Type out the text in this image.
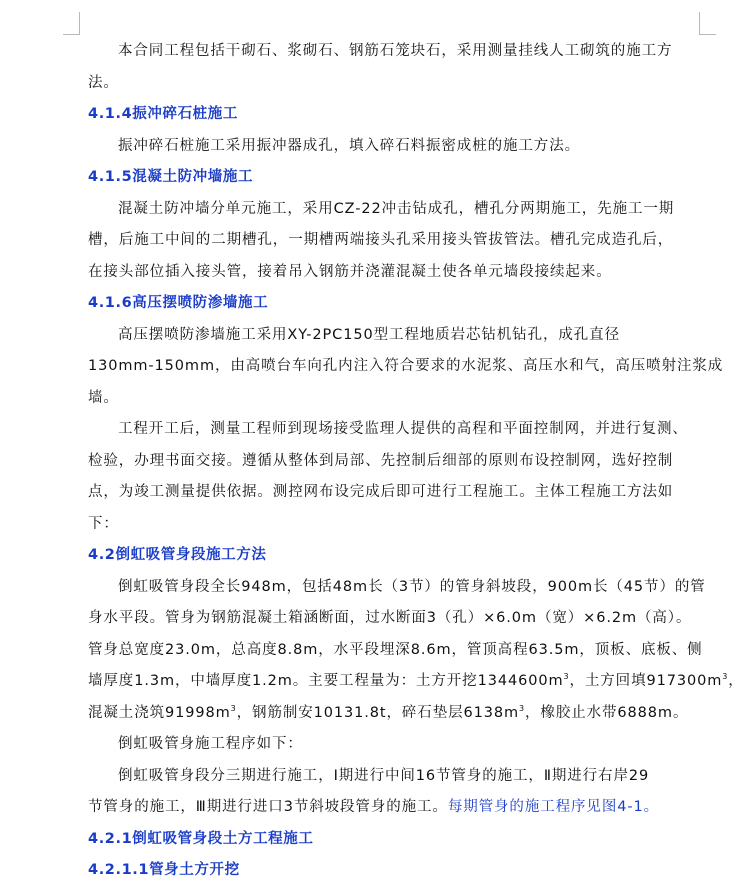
本合同工程包括干砌石、浆砌石、钢筋石笼块石，采用测量挂线人工砌筑的施工方

法。

4.1.4振冲碎石桩施工

振冲碎石桩施工采用振冲器成孔，填入碎石料振密成桩的施工方法。

4.1.5混凝土防冲墙施工

混凝土防冲墙分单元施工，采用CZ-22冲击钻成孔，槽孔分两期施工，先施工一期

槽，后施工中间的二期槽孔，一期槽两端接头孔采用接头管拔管法。槽孔完成造孔后，

在接头部位插入接头管，接着吊入钢筋并浇灌混凝土使各单元墙段接续起来。

4.1.6高压摆喷防渗墙施工

高压摆喷防渗墙施工采用XY-2PC150型工程地质岩芯钻机钻孔，成孔直径

130mm-150mm，由高喷台车向孔内注入符合要求的水泥浆、高压水和气，高压喷射注浆成

墙。

工程开工后，测量工程师到现场接受监理人提供的高程和平面控制网，并进行复测、

检验，办理书面交接。遵循从整体到局部、先控制后细部的原则布设控制网，选好控制

点，为竣工测量提供依据。测控网布设完成后即可进行工程施工。主体工程施工方法如

下：

4.2倒虹吸管身段施工方法

倒虹吸管身段全长948m，包括48m长（3节）的管身斜坡段，900m长（45节）的管

身水平段。管身为钢筋混凝土箱涵断面，过水断面3（孔）×6.0m（宽）×6.2m（高）。

管身总宽度23.0m，总高度8.8m，水平段埋深8.6m，管顶高程63.5m，顶板、底板、侧

墙厚度1.3m，中墙厚度1.2m。主要工程量为：土方开挖$1344600m^3$，土方回填$917300m^3$，

混凝土浇筑$91998m^3$，钢筋制安10131.8t，碎石垫层$6138m^3$，橡胶止水带6888m。

倒虹吸管身施工程序如下：

倒虹吸管身段分三期进行施工，Ⅰ期进行中间16节管身的施工，Ⅱ期进行右岸29

节管身的施工，Ⅲ期进行进口3节斜坡段管身的施工。每期管身的施工程序见图4-1。

4.2.1倒虹吸管身段土方工程施工
4.2.1.1管身土方开挖
